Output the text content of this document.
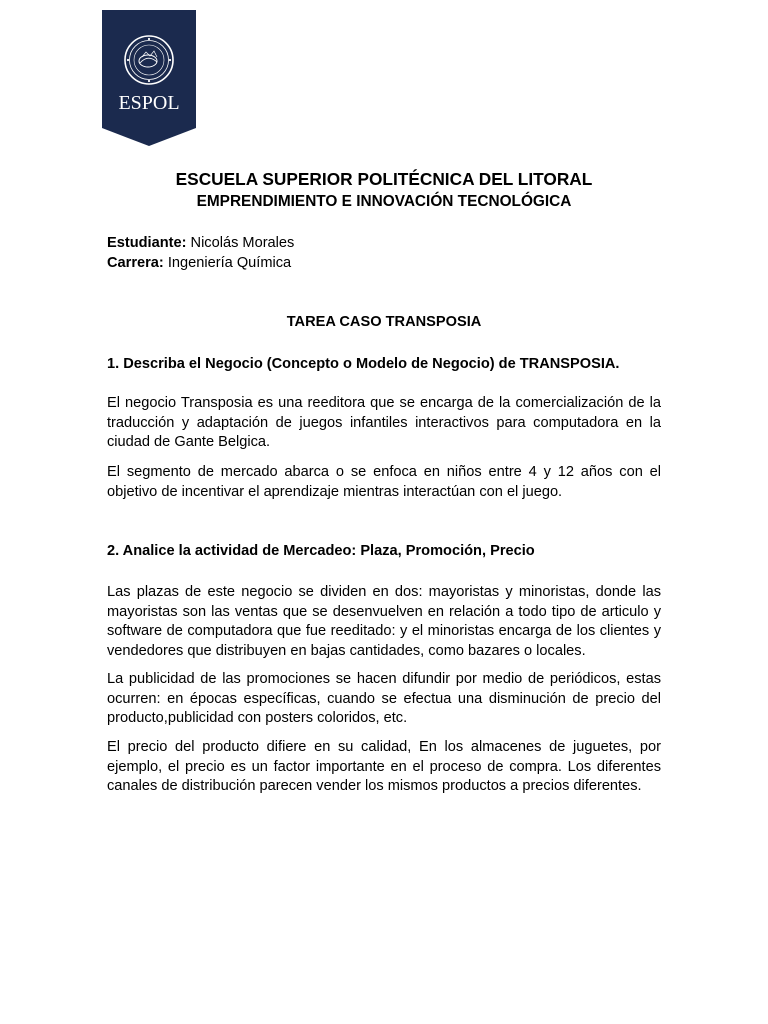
ESPOL
ESCUELA SUPERIOR POLITÉCNICA DEL LITORAL
EMPRENDIMIENTO E INNOVACIÓN TECNOLÓGICA
Estudiante: Nicolás Morales
Carrera: Ingeniería Química
TAREA CASO TRANSPOSIA
1. Describa el Negocio (Concepto o Modelo de Negocio) de TRANSPOSIA.

El negocio Transposia es una reeditora que se encarga de la comercialización de la traducción y adaptación de juegos infantiles interactivos para computadora en la ciudad de Gante Belgica.

El segmento de mercado abarca o se enfoca en niños entre 4 y 12 años con el objetivo de incentivar el aprendizaje mientras interactúan con el juego.

2. Analice la actividad de Mercadeo: Plaza, Promoción, Precio

Las plazas de este negocio se dividen en dos: mayoristas y minoristas, donde las mayoristas son las ventas que se desenvuelven en relación a todo tipo de articulo y software de computadora que fue reeditado: y el minoristas encarga de los clientes y vendedores que distribuyen en bajas cantidades, como bazares o locales.

La publicidad de las promociones se hacen difundir por medio de periódicos, estas ocurren: en épocas específicas, cuando se efectua una disminución de precio del producto,publicidad con posters coloridos, etc.

El precio del producto difiere en su calidad, En los almacenes de juguetes, por ejemplo, el precio es un factor importante en el proceso de compra. Los diferentes canales de distribución parecen vender los mismos productos a precios diferentes.
